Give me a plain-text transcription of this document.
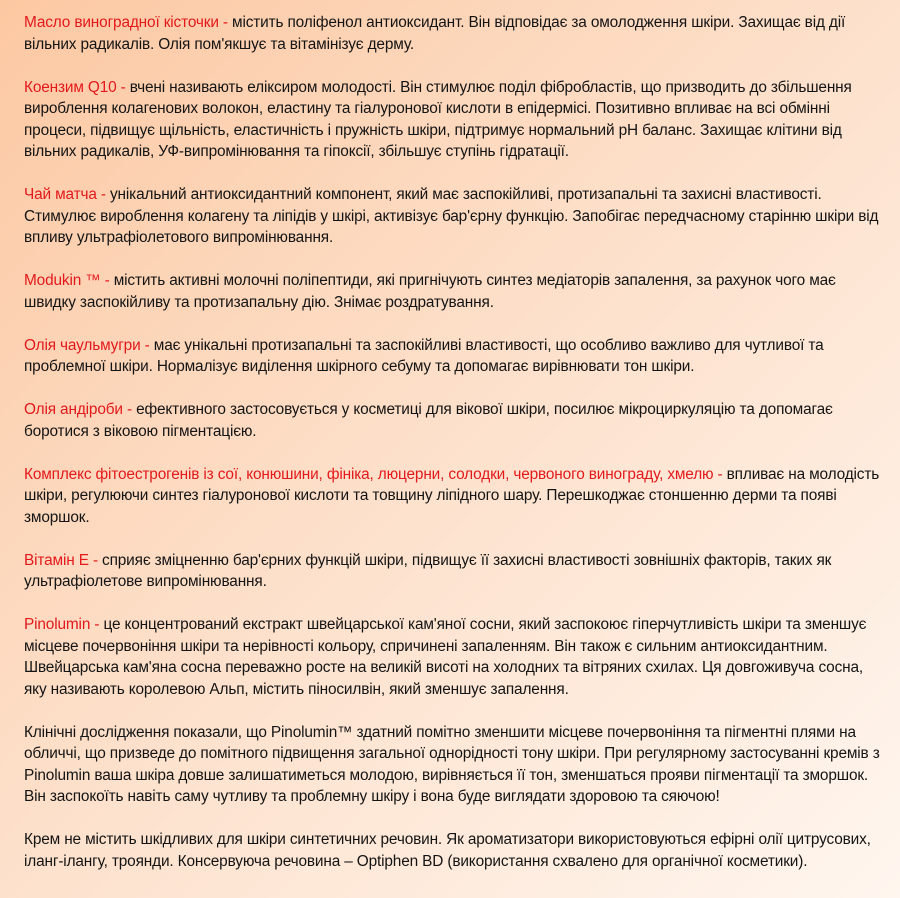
Масло виноградної кісточки - містить поліфенол антиоксидант. Він відповідає за омолодження шкіри. Захищає від дії вільних радикалів. Олія пом'якшує та вітамінізує дерму.

Коензим Q10 - вчені називають еліксиром молодості. Він стимулює поділ фібробластів, що призводить до збільшення вироблення колагенових волокон, еластину та гіалуронової кислоти в епідермісі. Позитивно впливає на всі обмінні процеси, підвищує щільність, еластичність і пружність шкіри, підтримує нормальний pH баланс. Захищає клітини від вільних радикалів, УФ-випромінювання та гіпоксії, збільшує ступінь гідратації.

Чай матча - унікальний антиоксидантний компонент, який має заспокійливі, протизапальні та захисні властивості. Стимулює вироблення колагену та ліпідів у шкірі, активізує бар'єрну функцію. Запобігає передчасному старінню шкіри від впливу ультрафіолетового випромінювання.

Modukin ™ - містить активні молочні поліпептиди, які пригнічують синтез медіаторів запалення, за рахунок чого має швидку заспокійливу та протизапальну дію. Знімає роздратування.

Олія чаульмугри - має унікальні протизапальні та заспокійливі властивості, що особливо важливо для чутливої та проблемної шкіри. Нормалізує виділення шкірного себуму та допомагає вирівнювати тон шкіри.

Олія андіроби - ефективного застосовується у косметиці для вікової шкіри, посилює мікроциркуляцію та допомагає боротися з віковою пігментацією.

Комплекс фітоестрогенів із сої, конюшини, фініка, люцерни, солодки, червоного винограду, хмелю - впливає на молодість шкіри, регулюючи синтез гіалуронової кислоти та товщину ліпідного шару. Перешкоджає стоншенню дерми та появі зморшок.

Вітамін E - сприяє зміцненню бар'єрних функцій шкіри, підвищує її захисні властивості зовнішніх факторів, таких як ультрафіолетове випромінювання.

Pinolumin - це концентрований екстракт швейцарської кам'яної сосни, який заспокоює гіперчутливість шкіри та зменшує місцеве почервоніння шкіри та нерівності кольору, спричинені запаленням. Він також є сильним антиоксидантним. Швейцарська кам'яна сосна переважно росте на великій висоті на холодних та вітряних схилах. Ця довгоживуча сосна, яку називають королевою Альп, містить піносилвін, який зменшує запалення.

Клінічні дослідження показали, що Pinolumin™ здатний помітно зменшити місцеве почервоніння та пігментні плями на обличчі, що призведе до помітного підвищення загальної однорідності тону шкіри. При регулярному застосуванні кремів з Pinolumin ваша шкіра довше залишатиметься молодою, вирівняється її тон, зменшаться прояви пігментації та зморшок. Він заспокоїть навіть саму чутливу та проблемну шкіру і вона буде виглядати здоровою та сяючою!

Крем не містить шкідливих для шкіри синтетичних речовин. Як ароматизатори використовуються ефірні олії цитрусових, іланг-ілангу, троянди. Консервуюча речовина – Optiphen BD (використання схвалено для органічної косметики).
